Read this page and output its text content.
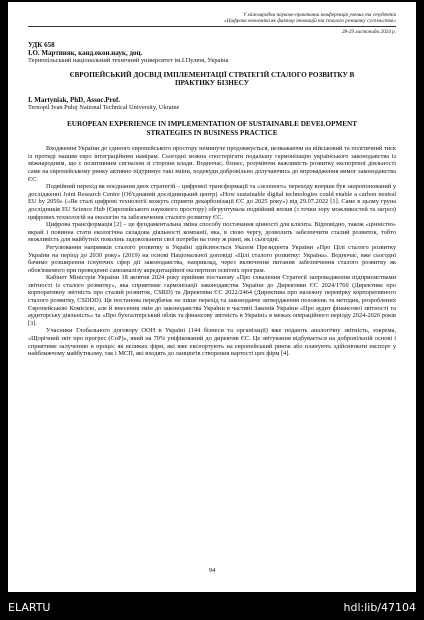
V міжнародна науково-практична конференція учених та студентів
«Цифрова економіка як фактор інновацій та сталого розвитку суспільства»
28-29 листопада 2024 р.
УДК 658
І.О. Мартиняк, канд.екон.наук, доц.
Тернопільський національний технічний університет ім.І.Пулюя, Україна
ЄВРОПЕЙСЬКИЙ ДОСВІД ІМПЛЕМЕНТАЦІЇ СТРАТЕГІЙ СТАЛОГО РОЗВИТКУ В ПРАКТИКУ БІЗНЕСУ
I. Martyniak, PhD, Assoc.Prof.
Ternopil Ivan Puluj National Technical University, Ukraine
EUROPEAN EXPERIENCE IN IMPLEMENTATION OF SUSTAINABLE DEVELOPMENT STRATEGIES IN BUSINESS PRACTICE

Входження України до єдиного європейського простору неминуче продовжується, незважаючи на військовий та політичний тиск із протиді нашим євро інтеграційним намірам. Сьогодні можна спостерігати подальшу гармонізацію українського законодавства із міжнародним, що є позитивним сигналом зі сторони влади. Водночас, бізнес, розуміючи важливість розвитку експортної діяльності саме на європейському ринку активно підтримує такі зміни, подекуди добровільно долучаючись до впровадження вимог законодавства ЄС.

Подвійний перехід як поєднання двох стратегій – цифрової трансформації та «зеленого» переходу вперше був запропонований у дослідженні Joint Research Centre (Об'єднаний дослідницький центр) «How sustainable digital technologies could enable a carbon neutral EU by 2050» («Як сталі цифрові технології можуть сприяти декарбонізації ЄС до 2025 року») від 29.07.2022 [1]. Саме в цьому груна дослідників EU Science Hub (Європейського наукового простору) обгрунтувала подвійний вплив (з точки зору можливостей та загроз) цифрових технологій на екологію та забезпечення сталого розвитку ЄС.

Цифрова трансформація [2] – це фундаментальна зміна способу постачання цінності для клієнта. Відповідно, також «цінністю» вкрай і повинна стати екологічна складова діяльності компанії, яка, в свою чергу, дозволить забезпечити сталий розвиток, тобто можливість для майбутніх поколінь задовольняти свої потреби на тому ж рівні, як і сьогодні.

Регулювання напрямків сталого розвитку в Україні здійснюється Указом Президента України «Про Цілі сталого розвитку України на період до 2030 року» (2019) на основі Національної доповіді «Цілі сталого розвитку: Україна». Водночас, вже сьогодні бачимо розширення існуючих сфер дії законодавства, наприклад, через включення питання забезпечення сталого розвитку як обов'язкового при проведенні самоаналізу акредитаційної експертизи освітніх програм.

Кабінет Міністрів України 18 жовтня 2024 року прийняв постанову «Про схвалення Стратегії запровадження підприємствами звітності із сталого розвитку», яка сприятиме гармонізації законодавства України до Директиви ЄС 2024/1760 (Директива про корпоративну звітність про сталий розвиток, CSRD) та Директиви ЄС 2022/2464 (Директива про належну перевірку корпоративного сталого розвитку, CSDDD). Ця постанова передбачає не лише перехід та законодавче затвердження положень та методик, розроблених Європейською Комісією, але й внесення змін до законодавства України в частині Законів України «Про аудит фінансової звітності та аудиторську діяльність» та «Про бухгалтерський облік та фінансову звітність в Україні» в межах операційного періоду 2024-2026 років [3].

Учасники Глобального договору ООН в Україні (144 бізнеси та організації) вже подають аналогічну звітність, зокрема, «Щорічний звіт про прогрес (CoP)», який на 70% уніфікований до директив ЄС. Це звітування відбувається на добровільній основі і сприятиме залученню в процес як великих фірм, які вже експортують на європейський ринок або планують здійснювати експорт у найближчому майбутньому, так і МСП, які входять до ланцюгів створення вартості цих фірм [4].

94
ELARTU	hdl:lib/47104
